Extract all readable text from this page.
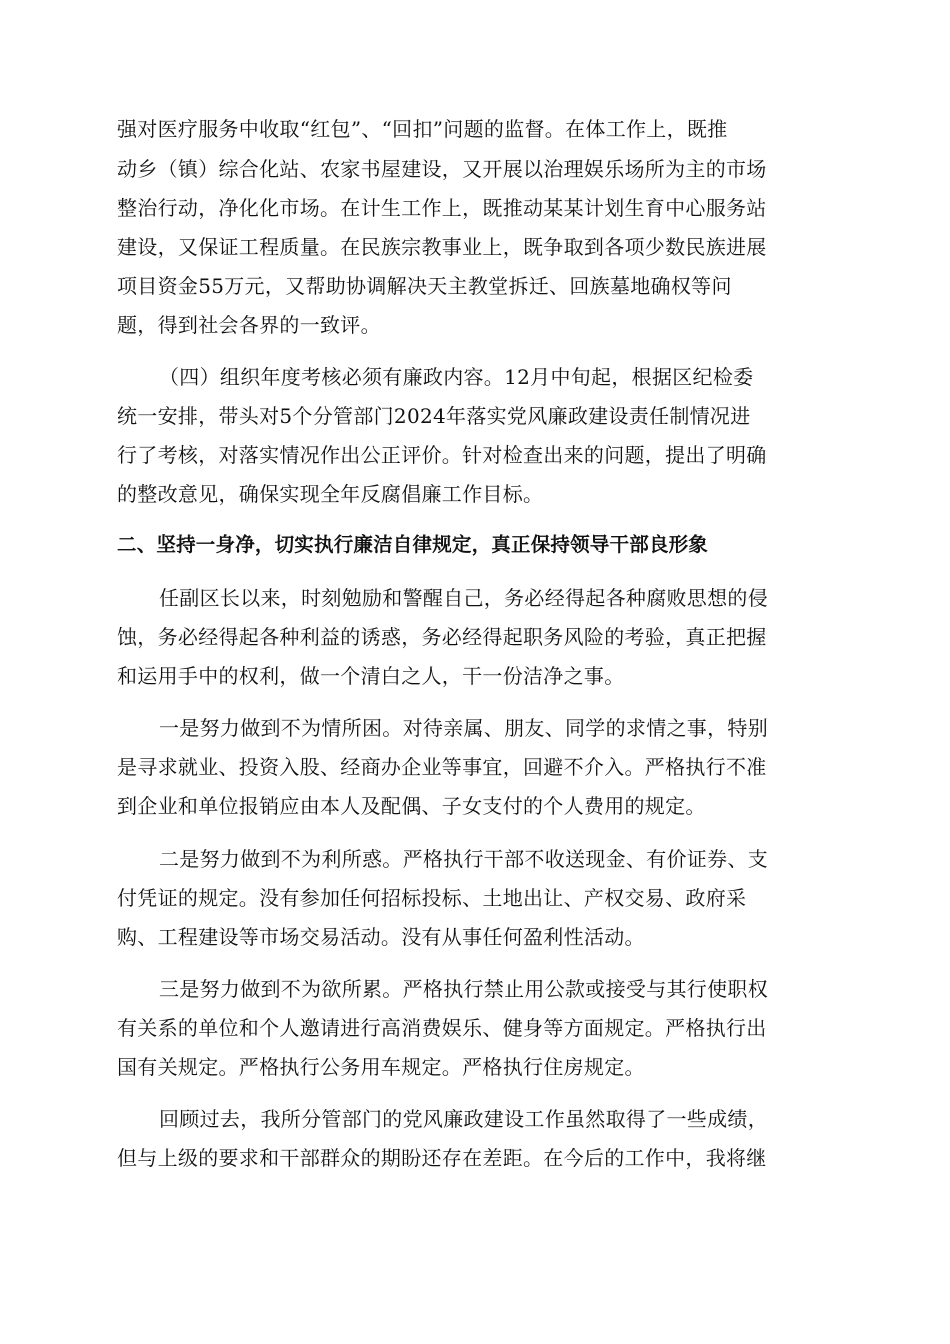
强对医疗服务中收取“红包”、“回扣”问题的监督。在体工作上，既推
动乡（镇）综合化站、农家书屋建设，又开展以治理娱乐场所为主的市场
整治行动，净化化市场。在计生工作上，既推动某某计划生育中心服务站
建设，又保证工程质量。在民族宗教事业上，既争取到各项少数民族进展
项目资金55万元，又帮助协调解决天主教堂拆迁、回族墓地确权等问
题，得到社会各界的一致评。
（四）组织年度考核必须有廉政内容。12月中旬起，根据区纪检委
统一安排，带头对5个分管部门2024年落实党风廉政建设责任制情况进
行了考核，对落实情况作出公正评价。针对检查出来的问题，提出了明确
的整改意见，确保实现全年反腐倡廉工作目标。
二、坚持一身净，切实执行廉洁自律规定，真正保持领导干部良形象
任副区长以来，时刻勉励和警醒自己，务必经得起各种腐败思想的侵
蚀，务必经得起各种利益的诱惑，务必经得起职务风险的考验，真正把握
和运用手中的权利，做一个清白之人，干一份洁净之事。
一是努力做到不为情所困。对待亲属、朋友、同学的求情之事，特别
是寻求就业、投资入股、经商办企业等事宜，回避不介入。严格执行不准
到企业和单位报销应由本人及配偶、子女支付的个人费用的规定。
二是努力做到不为利所惑。严格执行干部不收送现金、有价证券、支
付凭证的规定。没有参加任何招标投标、土地出让、产权交易、政府采
购、工程建设等市场交易活动。没有从事任何盈利性活动。
三是努力做到不为欲所累。严格执行禁止用公款或接受与其行使职权
有关系的单位和个人邀请进行高消费娱乐、健身等方面规定。严格执行出
国有关规定。严格执行公务用车规定。严格执行住房规定。
回顾过去，我所分管部门的党风廉政建设工作虽然取得了一些成绩，
但与上级的要求和干部群众的期盼还存在差距。在今后的工作中，我将继
